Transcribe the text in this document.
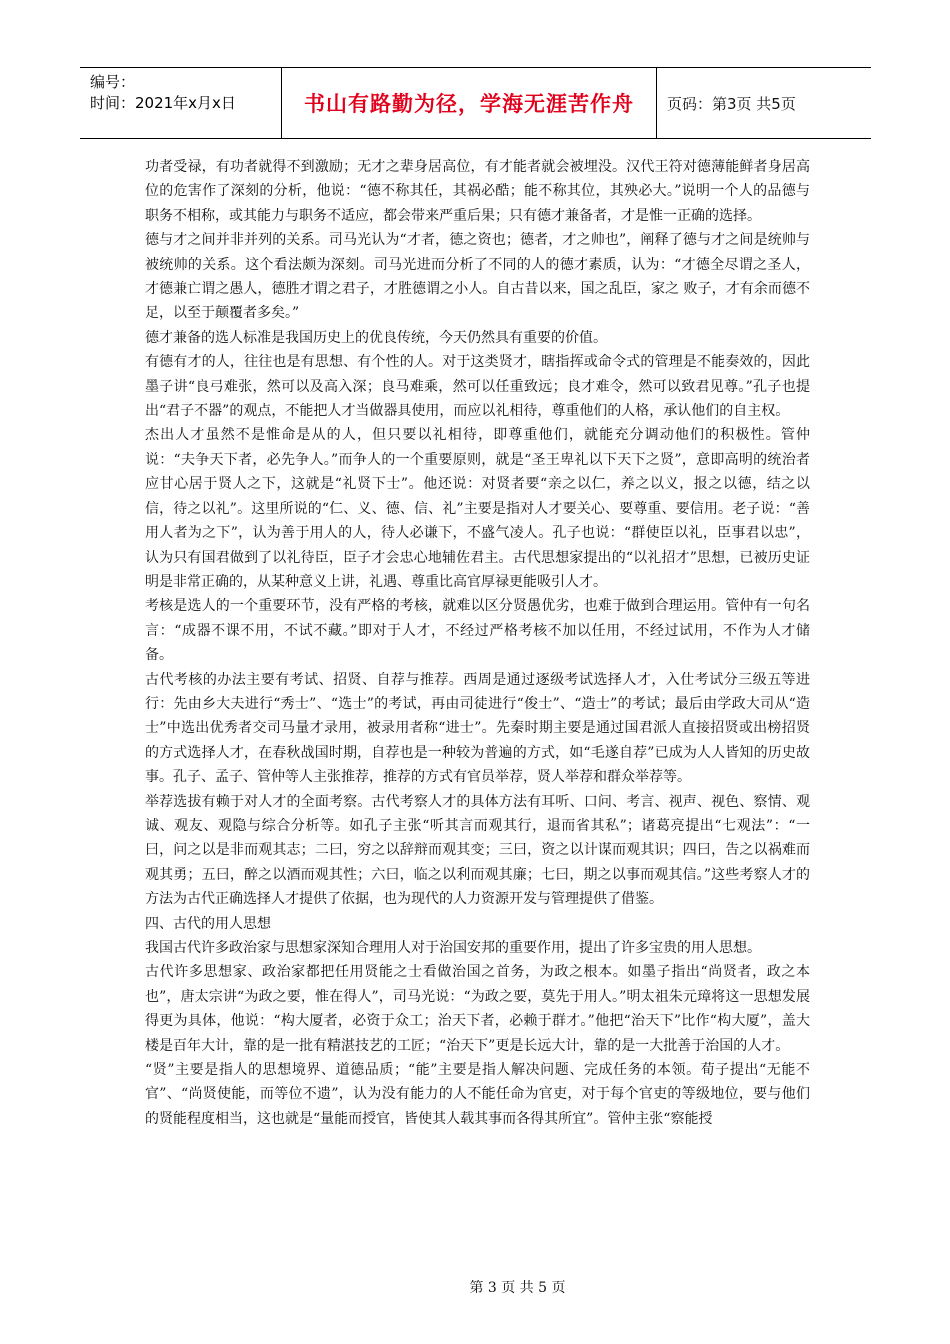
编号：
时间：2021年x月x日	书山有路勤为径，学海无涯苦作舟 页码：第3页 共5页

功者受禄，有功者就得不到激励；无才之辈身居高位，有才能者就会被埋没。汉代王符对德薄能鲜者身居高位的危害作了深刻的分析，他说：“德不称其任，其祸必酷；能不称其位，其殃必大。”说明一个人的品德与职务不相称，或其能力与职务不适应，都会带来严重后果；只有德才兼备者，才是惟一正确的选择。

德与才之间并非并列的关系。司马光认为“才者，德之资也；德者，才之帅也”，阐释了德与才之间是统帅与被统帅的关系。这个看法颇为深刻。司马光进而分析了不同的人的德才素质，认为：“才德全尽谓之圣人，才德兼亡谓之愚人，德胜才谓之君子，才胜德谓之小人。自古昔以来，国之乱臣，家之 败子，才有余而德不足，以至于颠覆者多矣。”

德才兼备的选人标准是我国历史上的优良传统，今天仍然具有重要的价值。

有德有才的人，往往也是有思想、有个性的人。对于这类贤才，瞎指挥或命令式的管理是不能奏效的，因此墨子讲“良弓难张，然可以及高入深；良马难乘，然可以任重致远；良才难令，然可以致君见尊。”孔子也提出“君子不器”的观点，不能把人才当做器具使用，而应以礼相待，尊重他们的人格，承认他们的自主权。

杰出人才虽然不是惟命是从的人，但只要以礼相待，即尊重他们，就能充分调动他们的积极性。管仲说：“夫争天下者，必先争人。”而争人的一个重要原则，就是“圣王卑礼以下天下之贤”，意即高明的统治者应甘心居于贤人之下，这就是“礼贤下士”。他还说：对贤者要“亲之以仁，养之以义，报之以德，结之以信，待之以礼”。这里所说的“仁、义、德、信、礼”主要是指对人才要关心、要尊重、要信用。老子说：“善用人者为之下”，认为善于用人的人，待人必谦下，不盛气凌人。孔子也说：“群使臣以礼，臣事君以忠”，认为只有国君做到了以礼待臣，臣子才会忠心地辅佐君主。古代思想家提出的“以礼招才”思想，已被历史证明是非常正确的，从某种意义上讲，礼遇、尊重比高官厚禄更能吸引人才。

考核是选人的一个重要环节，没有严格的考核，就难以区分贤愚优劣，也难于做到合理运用。管仲有一句名言：“成器不课不用，不试不藏。”即对于人才，不经过严格考核不加以任用，不经过试用，不作为人才储备。

古代考核的办法主要有考试、招贤、自荐与推荐。西周是通过逐级考试选择人才，入仕考试分三级五等进行：先由乡大夫进行“秀士”、“选士”的考试，再由司徒进行“俊士”、“造士”的考试；最后由学政大司从“造士”中选出优秀者交司马量才录用，被录用者称“进士”。先秦时期主要是通过国君派人直接招贤或出榜招贤的方式选择人才，在春秋战国时期，自荐也是一种较为普遍的方式，如“毛遂自荐”已成为人人皆知的历史故事。孔子、孟子、管仲等人主张推荐，推荐的方式有官员举荐，贤人举荐和群众举荐等。

举荐选拔有赖于对人才的全面考察。古代考察人才的具体方法有耳听、口问、考言、视声、视色、察情、观诚、观友、观隐与综合分析等。如孔子主张“听其言而观其行，退而省其私”；诸葛亮提出“七观法”：“一曰，问之以是非而观其志；二曰，穷之以辞辩而观其变；三曰，资之以计谋而观其识；四曰，告之以祸难而观其勇；五曰，醉之以酒而观其性；六曰，临之以利而观其廉；七曰，期之以事而观其信。”这些考察人才的方法为古代正确选择人才提供了依据，也为现代的人力资源开发与管理提供了借鉴。

四、古代的用人思想

我国古代许多政治家与思想家深知合理用人对于治国安邦的重要作用，提出了许多宝贵的用人思想。

古代许多思想家、政治家都把任用贤能之士看做治国之首务，为政之根本。如墨子指出“尚贤者，政之本也”，唐太宗讲“为政之要，惟在得人”，司马光说：“为政之要，莫先于用人。”明太祖朱元璋将这一思想发展得更为具体，他说：“构大厦者，必资于众工；治天下者，必赖于群才。”他把“治天下”比作“构大厦”，盖大楼是百年大计，靠的是一批有精湛技艺的工匠；“治天下”更是长远大计，靠的是一大批善于治国的人才。

“贤”主要是指人的思想境界、道德品质；“能”主要是指人解决问题、完成任务的本领。荀子提出“无能不官”、“尚贤使能，而等位不遗”，认为没有能力的人不能任命为官吏，对于每个官吏的等级地位，要与他们的贤能程度相当，这也就是“量能而授官，皆使其人载其事而各得其所宜”。管仲主张“察能授

第 3 页 共 5 页
